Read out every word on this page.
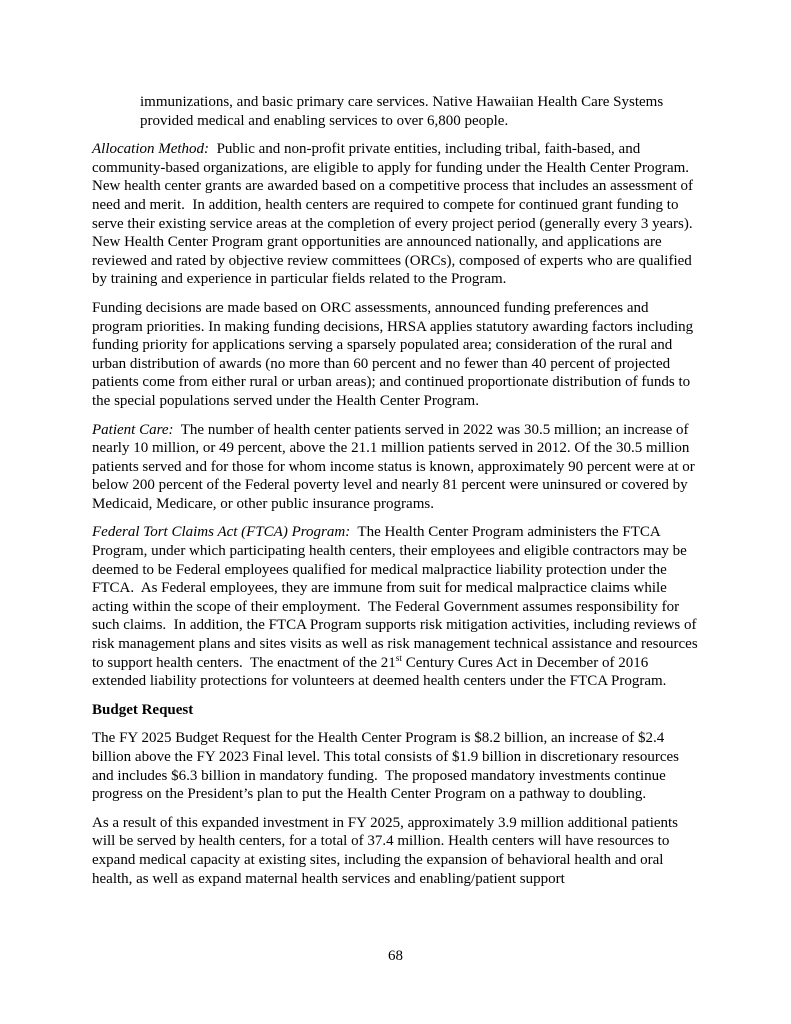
immunizations, and basic primary care services. Native Hawaiian Health Care Systems provided medical and enabling services to over 6,800 people.

Allocation Method:  Public and non-profit private entities, including tribal, faith-based, and community-based organizations, are eligible to apply for funding under the Health Center Program.  New health center grants are awarded based on a competitive process that includes an assessment of need and merit.  In addition, health centers are required to compete for continued grant funding to serve their existing service areas at the completion of every project period (generally every 3 years). New Health Center Program grant opportunities are announced nationally, and applications are reviewed and rated by objective review committees (ORCs), composed of experts who are qualified by training and experience in particular fields related to the Program.

Funding decisions are made based on ORC assessments, announced funding preferences and program priorities. In making funding decisions, HRSA applies statutory awarding factors including funding priority for applications serving a sparsely populated area; consideration of the rural and urban distribution of awards (no more than 60 percent and no fewer than 40 percent of projected patients come from either rural or urban areas); and continued proportionate distribution of funds to the special populations served under the Health Center Program.

Patient Care:  The number of health center patients served in 2022 was 30.5 million; an increase of nearly 10 million, or 49 percent, above the 21.1 million patients served in 2012. Of the 30.5 million patients served and for those for whom income status is known, approximately 90 percent were at or below 200 percent of the Federal poverty level and nearly 81 percent were uninsured or covered by Medicaid, Medicare, or other public insurance programs.

Federal Tort Claims Act (FTCA) Program:  The Health Center Program administers the FTCA Program, under which participating health centers, their employees and eligible contractors may be deemed to be Federal employees qualified for medical malpractice liability protection under the FTCA.  As Federal employees, they are immune from suit for medical malpractice claims while acting within the scope of their employment.  The Federal Government assumes responsibility for such claims.  In addition, the FTCA Program supports risk mitigation activities, including reviews of risk management plans and sites visits as well as risk management technical assistance and resources to support health centers.  The enactment of the 21st Century Cures Act in December of 2016 extended liability protections for volunteers at deemed health centers under the FTCA Program.

Budget Request

The FY 2025 Budget Request for the Health Center Program is $8.2 billion, an increase of $2.4 billion above the FY 2023 Final level. This total consists of $1.9 billion in discretionary resources and includes $6.3 billion in mandatory funding.  The proposed mandatory investments continue progress on the President’s plan to put the Health Center Program on a pathway to doubling.

As a result of this expanded investment in FY 2025, approximately 3.9 million additional patients will be served by health centers, for a total of 37.4 million. Health centers will have resources to expand medical capacity at existing sites, including the expansion of behavioral health and oral health, as well as expand maternal health services and enabling/patient support

68
